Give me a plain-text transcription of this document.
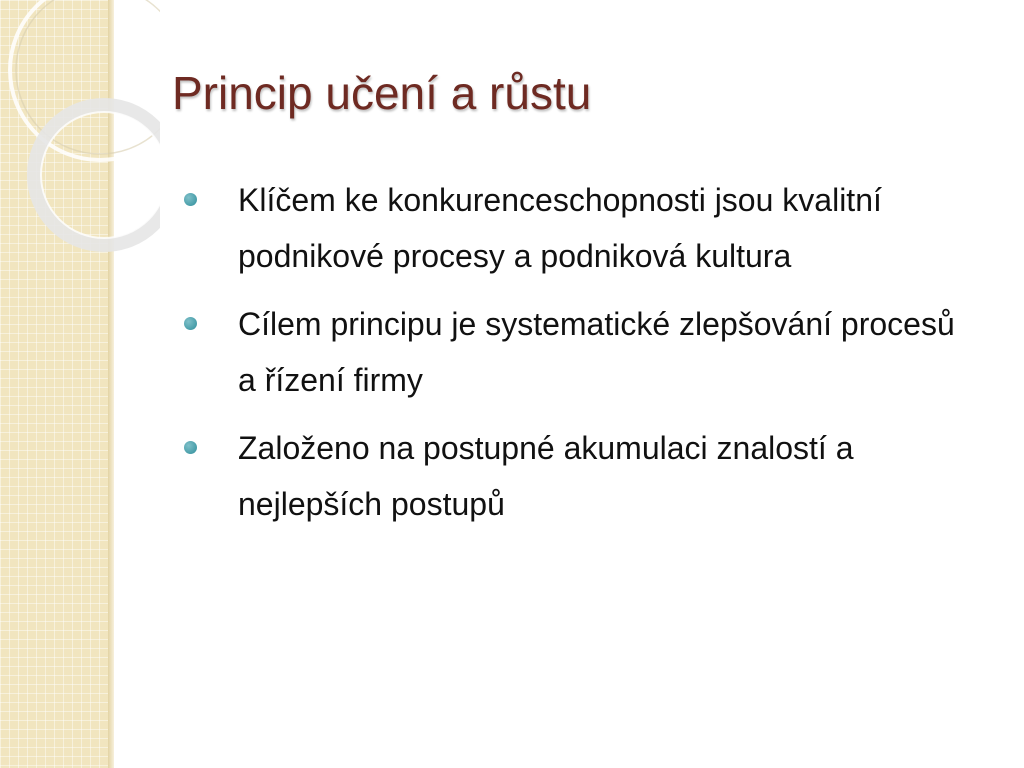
Princip učení a růstu
Klíčem ke konkurenceschopnosti jsou kvalitní podnikové procesy a podniková kultura
Cílem principu je systematické zlepšování procesů a řízení firmy
Založeno na postupné akumulaci znalostí a nejlepších postupů
